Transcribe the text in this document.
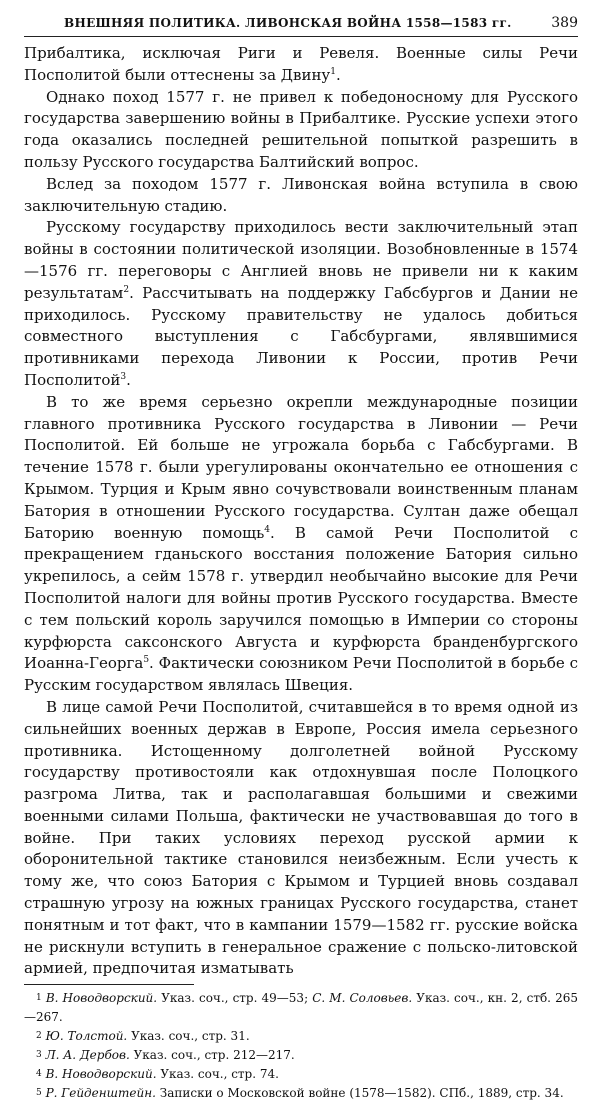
ВНЕШНЯЯ ПОЛИТИКА. ЛИВОНСКАЯ ВОЙНА 1558—1583 гг.	389

Прибалтика, исключая Риги и Ревеля. Военные силы Речи Посполитой были оттеснены за Двину$^1$.

Однако поход 1577 г. не привел к победоносному для Русского государства завершению войны в Прибалтике. Русские успехи этого года оказались последней решительной попыткой разрешить в пользу Русского государства Балтийский вопрос.

Вслед за походом 1577 г. Ливонская война вступила в свою заключительную стадию.

Русскому государству приходилось вести заключительный этап войны в состоянии политической изоляции. Возобновленные в 1574—1576 гг. переговоры с Англией вновь не привели ни к каким результатам$^2$. Рассчитывать на поддержку Габсбургов и Дании не приходилось. Русскому правительству не удалось добиться совместного выступления с Габсбургами, являвшимися противниками перехода Ливонии к России, против Речи Посполитой$^3$.

В то же время серьезно окрепли международные позиции главного противника Русского государства в Ливонии — Речи Посполитой. Ей больше не угрожала борьба с Габсбургами. В течение 1578 г. были урегулированы окончательно ее отношения с Крымом. Турция и Крым явно сочувствовали воинственным планам Батория в отношении Русского государства. Султан даже обещал Баторию военную помощь$^4$. В самой Речи Посполитой с прекращением гданьского восстания положение Батория сильно укрепилось, а сейм 1578 г. утвердил необычайно высокие для Речи Посполитой налоги для войны против Русского государства. Вместе с тем польский король заручился помощью в Империи со стороны курфюрста саксонского Августа и курфюрста бранденбургского Иоанна-Георга$^5$. Фактически союзником Речи Посполитой в борьбе с Русским государством являлась Швеция.

В лице самой Речи Посполитой, считавшейся в то время одной из сильнейших военных держав в Европе, Россия имела серьезного противника. Истощенному долголетней войной Русскому государству противостояли как отдохнувшая после Полоцкого разгрома Литва, так и располагавшая большими и свежими военными силами Польша, фактически не участвовавшая до того в войне. При таких условиях переход русской армии к оборонительной тактике становился неизбежным. Если учесть к тому же, что союз Батория с Крымом и Турцией вновь создавал страшную угрозу на южных границах Русского государства, станет понятным и тот факт, что в кампании 1579—1582 гг. русские войска не рискнули вступить в генеральное сражение с польско-литовской армией, предпочитая изматывать

$^1$ В. Новодворский. Указ. соч., стр. 49—53; С. М. Соловьев. Указ. соч., кн. 2, стб. 265—267.

$^2$ Ю. Толстой. Указ. соч., стр. 31.

$^3$ Л. А. Дербов. Указ. соч., стр. 212—217.

$^4$ В. Новодворский. Указ. соч., стр. 74.

$^5$ Р. Гейденштейн. Записки о Московской войне (1578—1582). СПб., 1889, стр. 34.
